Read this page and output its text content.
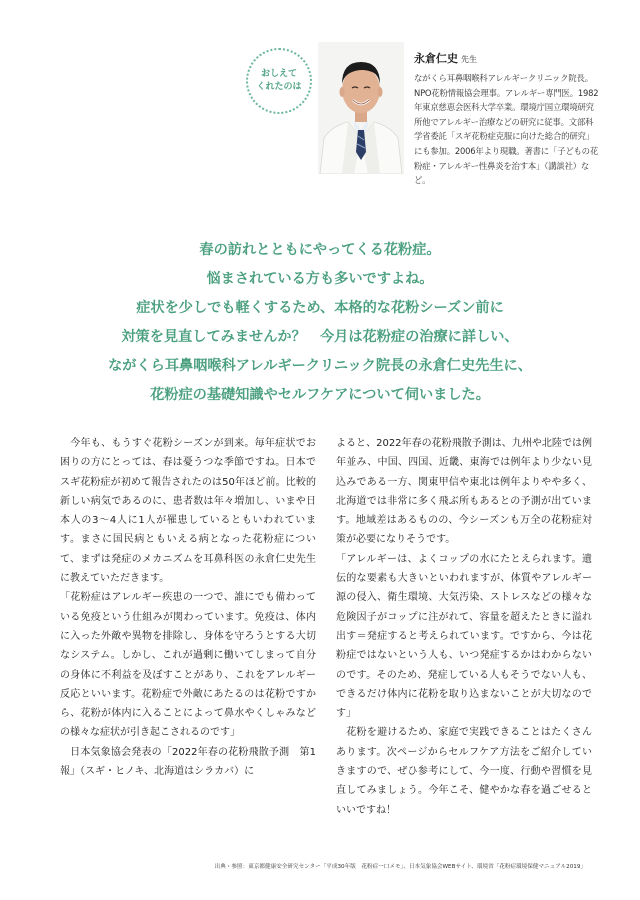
おしえて
くれたのは
永倉仁史 先生

ながくら耳鼻咽喉科アレルギークリニック院長。NPO花粉情報協会理事。アレルギー専門医。1982年東京慈恵会医科大学卒業。環境庁国立環境研究所他でアレルギー治療などの研究に従事。文部科学省委託「スギ花粉症克服に向けた総合的研究」にも参加。2006年より現職。著書に「子どもの花粉症・アレルギー性鼻炎を治す本」（講談社）など。

春の訪れとともにやってくる花粉症。
悩まされている方も多いですよね。
症状を少しでも軽くするため、本格的な花粉シーズン前に
対策を見直してみませんか？　今月は花粉症の治療に詳しい、
ながくら耳鼻咽喉科アレルギークリニック院長の永倉仁史先生に、
花粉症の基礎知識やセルフケアについて伺いました。

　今年も、もうすぐ花粉シーズンが到来。毎年症状でお困りの方にとっては、春は憂うつな季節ですね。日本でスギ花粉症が初めて報告されたのは50年ほど前。比較的新しい病気であるのに、患者数は年々増加し、いまや日本人の3〜4人に1人が罹患しているともいわれています。まさに国民病ともいえる病となった花粉症について、まずは発症のメカニズムを耳鼻科医の永倉仁史先生に教えていただきます。

「花粉症はアレルギー疾患の一つで、誰にでも備わっている免疫という仕組みが関わっています。免疫は、体内に入った外敵や異物を排除し、身体を守ろうとする大切なシステム。しかし、これが過剰に働いてしまって自分の身体に不利益を及ぼすことがあり、これをアレルギー反応といいます。花粉症で外敵にあたるのは花粉ですから、花粉が体内に入ることによって鼻水やくしゃみなどの様々な症状が引き起こされるのです」

　日本気象協会発表の「2022年春の花粉飛散予測　第1報」（スギ・ヒノキ、北海道はシラカバ）に

よると、2022年春の花粉飛散予測は、九州や北陸では例年並み、中国、四国、近畿、東海では例年より少ない見込みである一方、関東甲信や東北は例年よりやや多く、北海道では非常に多く飛ぶ所もあるとの予測が出ています。地域差はあるものの、今シーズンも万全の花粉症対策が必要になりそうです。

「アレルギーは、よくコップの水にたとえられます。遺伝的な要素も大きいといわれますが、体質やアレルギー源の侵入、衛生環境、大気汚染、ストレスなどの様々な危険因子がコップに注がれて、容量を超えたときに溢れ出す＝発症すると考えられています。ですから、今は花粉症ではないという人も、いつ発症するかはわからないのです。そのため、発症している人もそうでない人も、できるだけ体内に花粉を取り込まないことが大切なのです」

　花粉を避けるため、家庭で実践できることはたくさんあります。次ページからセルフケア方法をご紹介していきますので、ぜひ参考にして、今一度、行動や習慣を見直してみましょう。今年こそ、健やかな春を過ごせるといいですね！

出典・参照：東京都健康安全研究センター「平成30年版　花粉症一口メモ」、日本気象協会WEBサイト、環境省「花粉症環境保健マニュアル2019」
